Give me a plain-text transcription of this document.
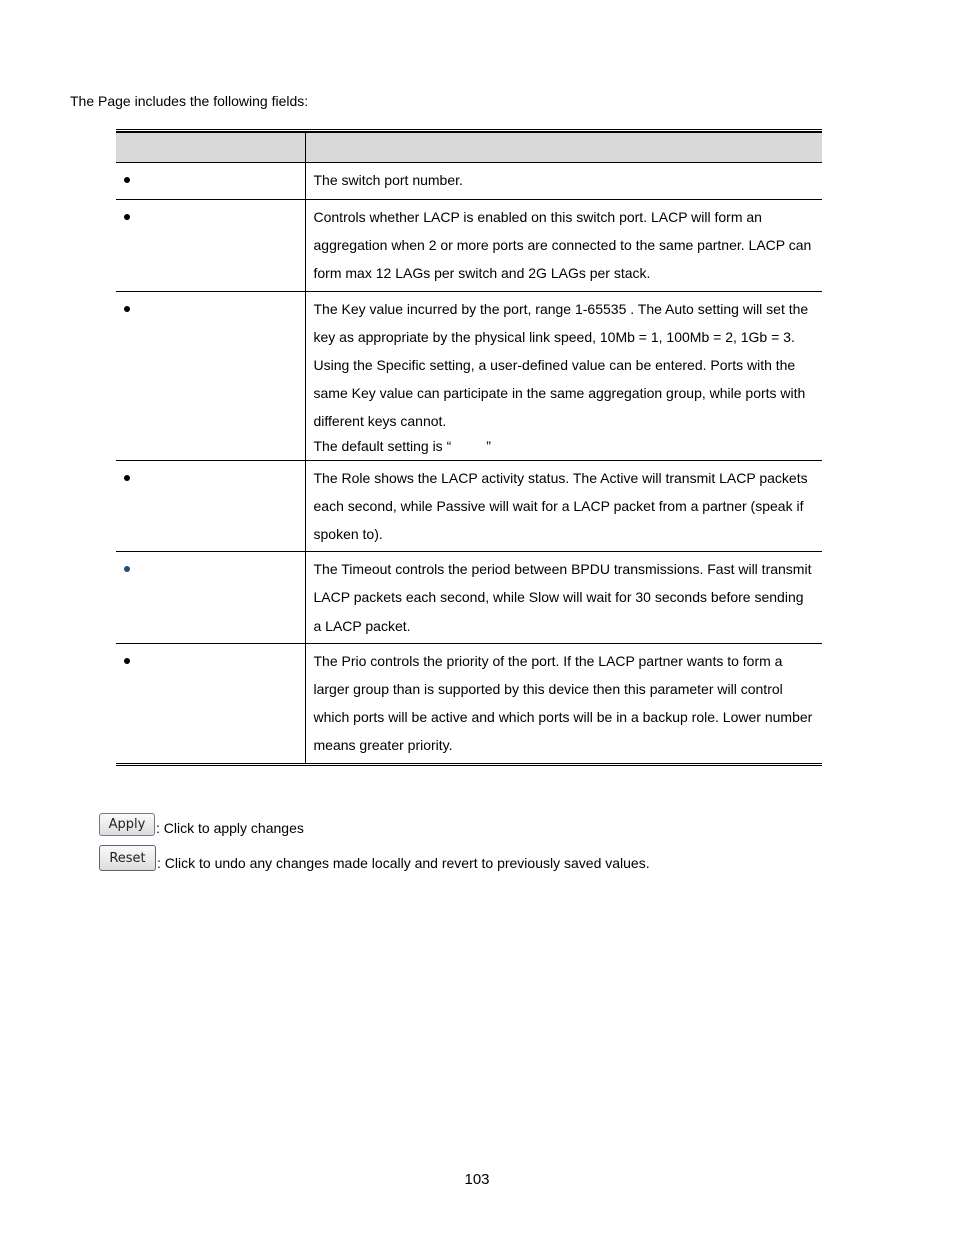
The Page includes the following fields:

	The switch port number.

	Controls whether LACP is enabled on this switch port. LACP will form an aggregation when 2 or more ports are connected to the same partner. LACP can form max 12 LAGs per switch and 2G LAGs per stack.

	The Key value incurred by the port, range 1-65535 . The Auto setting will set the key as appropriate by the physical link speed, 10Mb = 1, 100Mb = 2, 1Gb = 3. Using the Specific setting, a user-defined value can be entered. Ports with the same Key value can participate in the same aggregation group, while ports with different keys cannot.
The default setting is “         ”

	The Role shows the LACP activity status. The Active will transmit LACP packets each second, while Passive will wait for a LACP packet from a partner (speak if spoken to).

	The Timeout controls the period between BPDU transmissions. Fast will transmit LACP packets each second, while Slow will wait for 30 seconds before sending a LACP packet.

	The Prio controls the priority of the port. If the LACP partner wants to form a larger group than is supported by this device then this parameter will control which ports will be active and which ports will be in a backup role. Lower number means greater priority.
Apply : Click to apply changes
Reset : Click to undo any changes made locally and revert to previously saved values.
103
